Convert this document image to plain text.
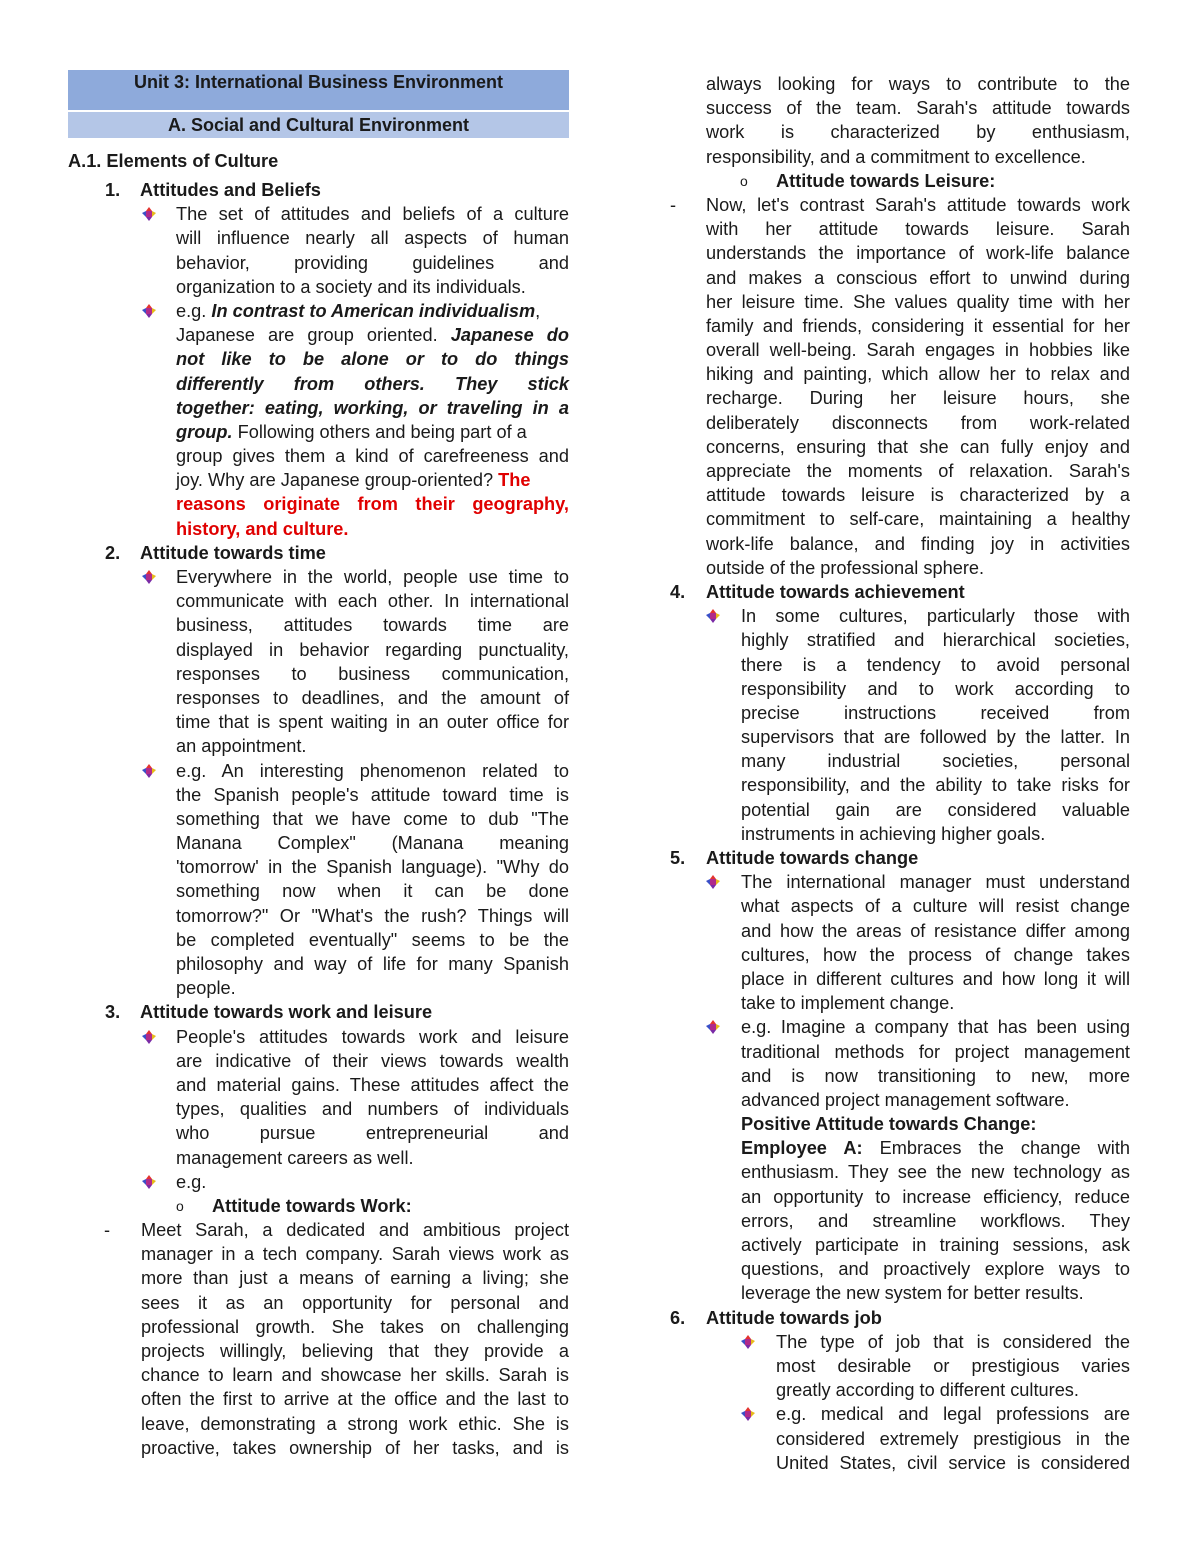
Unit 3: International Business Environment
A. Social and Cultural Environment
A.1. Elements of Culture
1. Attitudes and Beliefs
The set of attitudes and beliefs of a culture
will influence nearly all aspects of human
behavior, providing guidelines and
organization to a society and its individuals.
e.g. In contrast to American individualism,
Japanese are group oriented. Japanese do
not like to be alone or to do things
differently from others. They stick
together: eating, working, or traveling in a
group. Following others and being part of a
group gives them a kind of carefreeness and
joy. Why are Japanese group-oriented? The
reasons originate from their geography,
history, and culture.
2. Attitude towards time
Everywhere in the world, people use time to
communicate with each other. In international
business, attitudes towards time are
displayed in behavior regarding punctuality,
responses to business communication,
responses to deadlines, and the amount of
time that is spent waiting in an outer office for
an appointment.
e.g. An interesting phenomenon related to
the Spanish people's attitude toward time is
something that we have come to dub "The
Manana Complex" (Manana meaning
'tomorrow' in the Spanish language). "Why do
something now when it can be done
tomorrow?" Or "What's the rush? Things will
be completed eventually" seems to be the
philosophy and way of life for many Spanish
people.
3. Attitude towards work and leisure
People's attitudes towards work and leisure
are indicative of their views towards wealth
and material gains. These attitudes affect the
types, qualities and numbers of individuals
who pursue entrepreneurial and
management careers as well.
e.g.
o Attitude towards Work:
- Meet Sarah, a dedicated and ambitious project
manager in a tech company. Sarah views work as
more than just a means of earning a living; she
sees it as an opportunity for personal and
professional growth. She takes on challenging
projects willingly, believing that they provide a
chance to learn and showcase her skills. Sarah is
often the first to arrive at the office and the last to
leave, demonstrating a strong work ethic. She is
proactive, takes ownership of her tasks, and is
always looking for ways to contribute to the
success of the team. Sarah's attitude towards
work is characterized by enthusiasm,
responsibility, and a commitment to excellence.
o Attitude towards Leisure:
- Now, let's contrast Sarah's attitude towards work
with her attitude towards leisure. Sarah
understands the importance of work-life balance
and makes a conscious effort to unwind during
her leisure time. She values quality time with her
family and friends, considering it essential for her
overall well-being. Sarah engages in hobbies like
hiking and painting, which allow her to relax and
recharge. During her leisure hours, she
deliberately disconnects from work-related
concerns, ensuring that she can fully enjoy and
appreciate the moments of relaxation. Sarah's
attitude towards leisure is characterized by a
commitment to self-care, maintaining a healthy
work-life balance, and finding joy in activities
outside of the professional sphere.
4. Attitude towards achievement
In some cultures, particularly those with
highly stratified and hierarchical societies,
there is a tendency to avoid personal
responsibility and to work according to
precise instructions received from
supervisors that are followed by the latter. In
many industrial societies, personal
responsibility, and the ability to take risks for
potential gain are considered valuable
instruments in achieving higher goals.
5. Attitude towards change
The international manager must understand
what aspects of a culture will resist change
and how the areas of resistance differ among
cultures, how the process of change takes
place in different cultures and how long it will
take to implement change.
e.g. Imagine a company that has been using
traditional methods for project management
and is now transitioning to new, more
advanced project management software.
Positive Attitude towards Change:
Employee A: Embraces the change with
enthusiasm. They see the new technology as
an opportunity to increase efficiency, reduce
errors, and streamline workflows. They
actively participate in training sessions, ask
questions, and proactively explore ways to
leverage the new system for better results.
6. Attitude towards job
The type of job that is considered the
most desirable or prestigious varies
greatly according to different cultures.
e.g. medical and legal professions are
considered extremely prestigious in the
United States, civil service is considered
